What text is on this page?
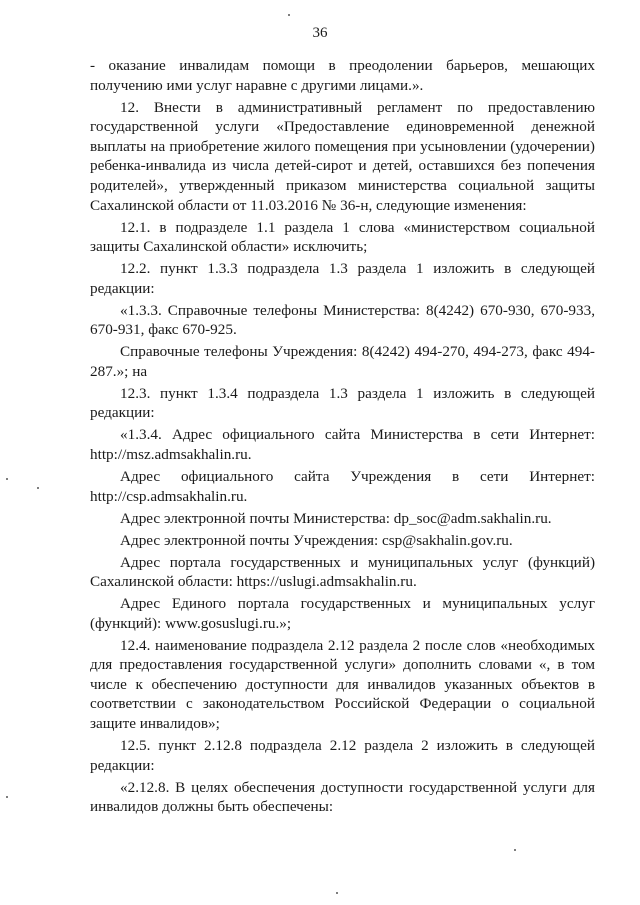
36

- оказание инвалидам помощи в преодолении барьеров, мешающих получению ими услуг наравне с другими лицами.».

12. Внести в административный регламент по предоставлению государственной услуги «Предоставление единовременной денежной выплаты на приобретение жилого помещения при усыновлении (удочерении) ребенка-инвалида из числа детей-сирот и детей, оставшихся без попечения родителей», утвержденный приказом министерства социальной защиты Сахалинской области от 11.03.2016 № 36-н, следующие изменения:

12.1. в подразделе 1.1 раздела 1 слова «министерством социальной защиты Сахалинской области» исключить;

12.2. пункт 1.3.3 подраздела 1.3 раздела 1 изложить в следующей редакции:

«1.3.3. Справочные телефоны Министерства: 8(4242) 670-930, 670-933, 670-931, факс 670-925.

Справочные телефоны Учреждения: 8(4242) 494-270, 494-273, факс 494-287.»; на

12.3. пункт 1.3.4 подраздела 1.3 раздела 1 изложить в следующей редакции:

«1.3.4. Адрес официального сайта Министерства в сети Интернет: http://msz.admsakhalin.ru.

Адрес официального сайта Учреждения в сети Интернет: http://csp.admsakhalin.ru.

Адрес электронной почты Министерства: dp_soc@adm.sakhalin.ru.

Адрес электронной почты Учреждения: csp@sakhalin.gov.ru.

Адрес портала государственных и муниципальных услуг (функций) Сахалинской области: https://uslugi.admsakhalin.ru.

Адрес Единого портала государственных и муниципальных услуг (функций): www.gosuslugi.ru.»;

12.4. наименование подраздела 2.12 раздела 2 после слов «необходимых для предоставления государственной услуги» дополнить словами «, в том числе к обеспечению доступности для инвалидов указанных объектов в соответствии с законодательством Российской Федерации о социальной защите инвалидов»;

12.5. пункт 2.12.8 подраздела 2.12 раздела 2 изложить в следующей редакции:

«2.12.8. В целях обеспечения доступности государственной услуги для инвалидов должны быть обеспечены:
